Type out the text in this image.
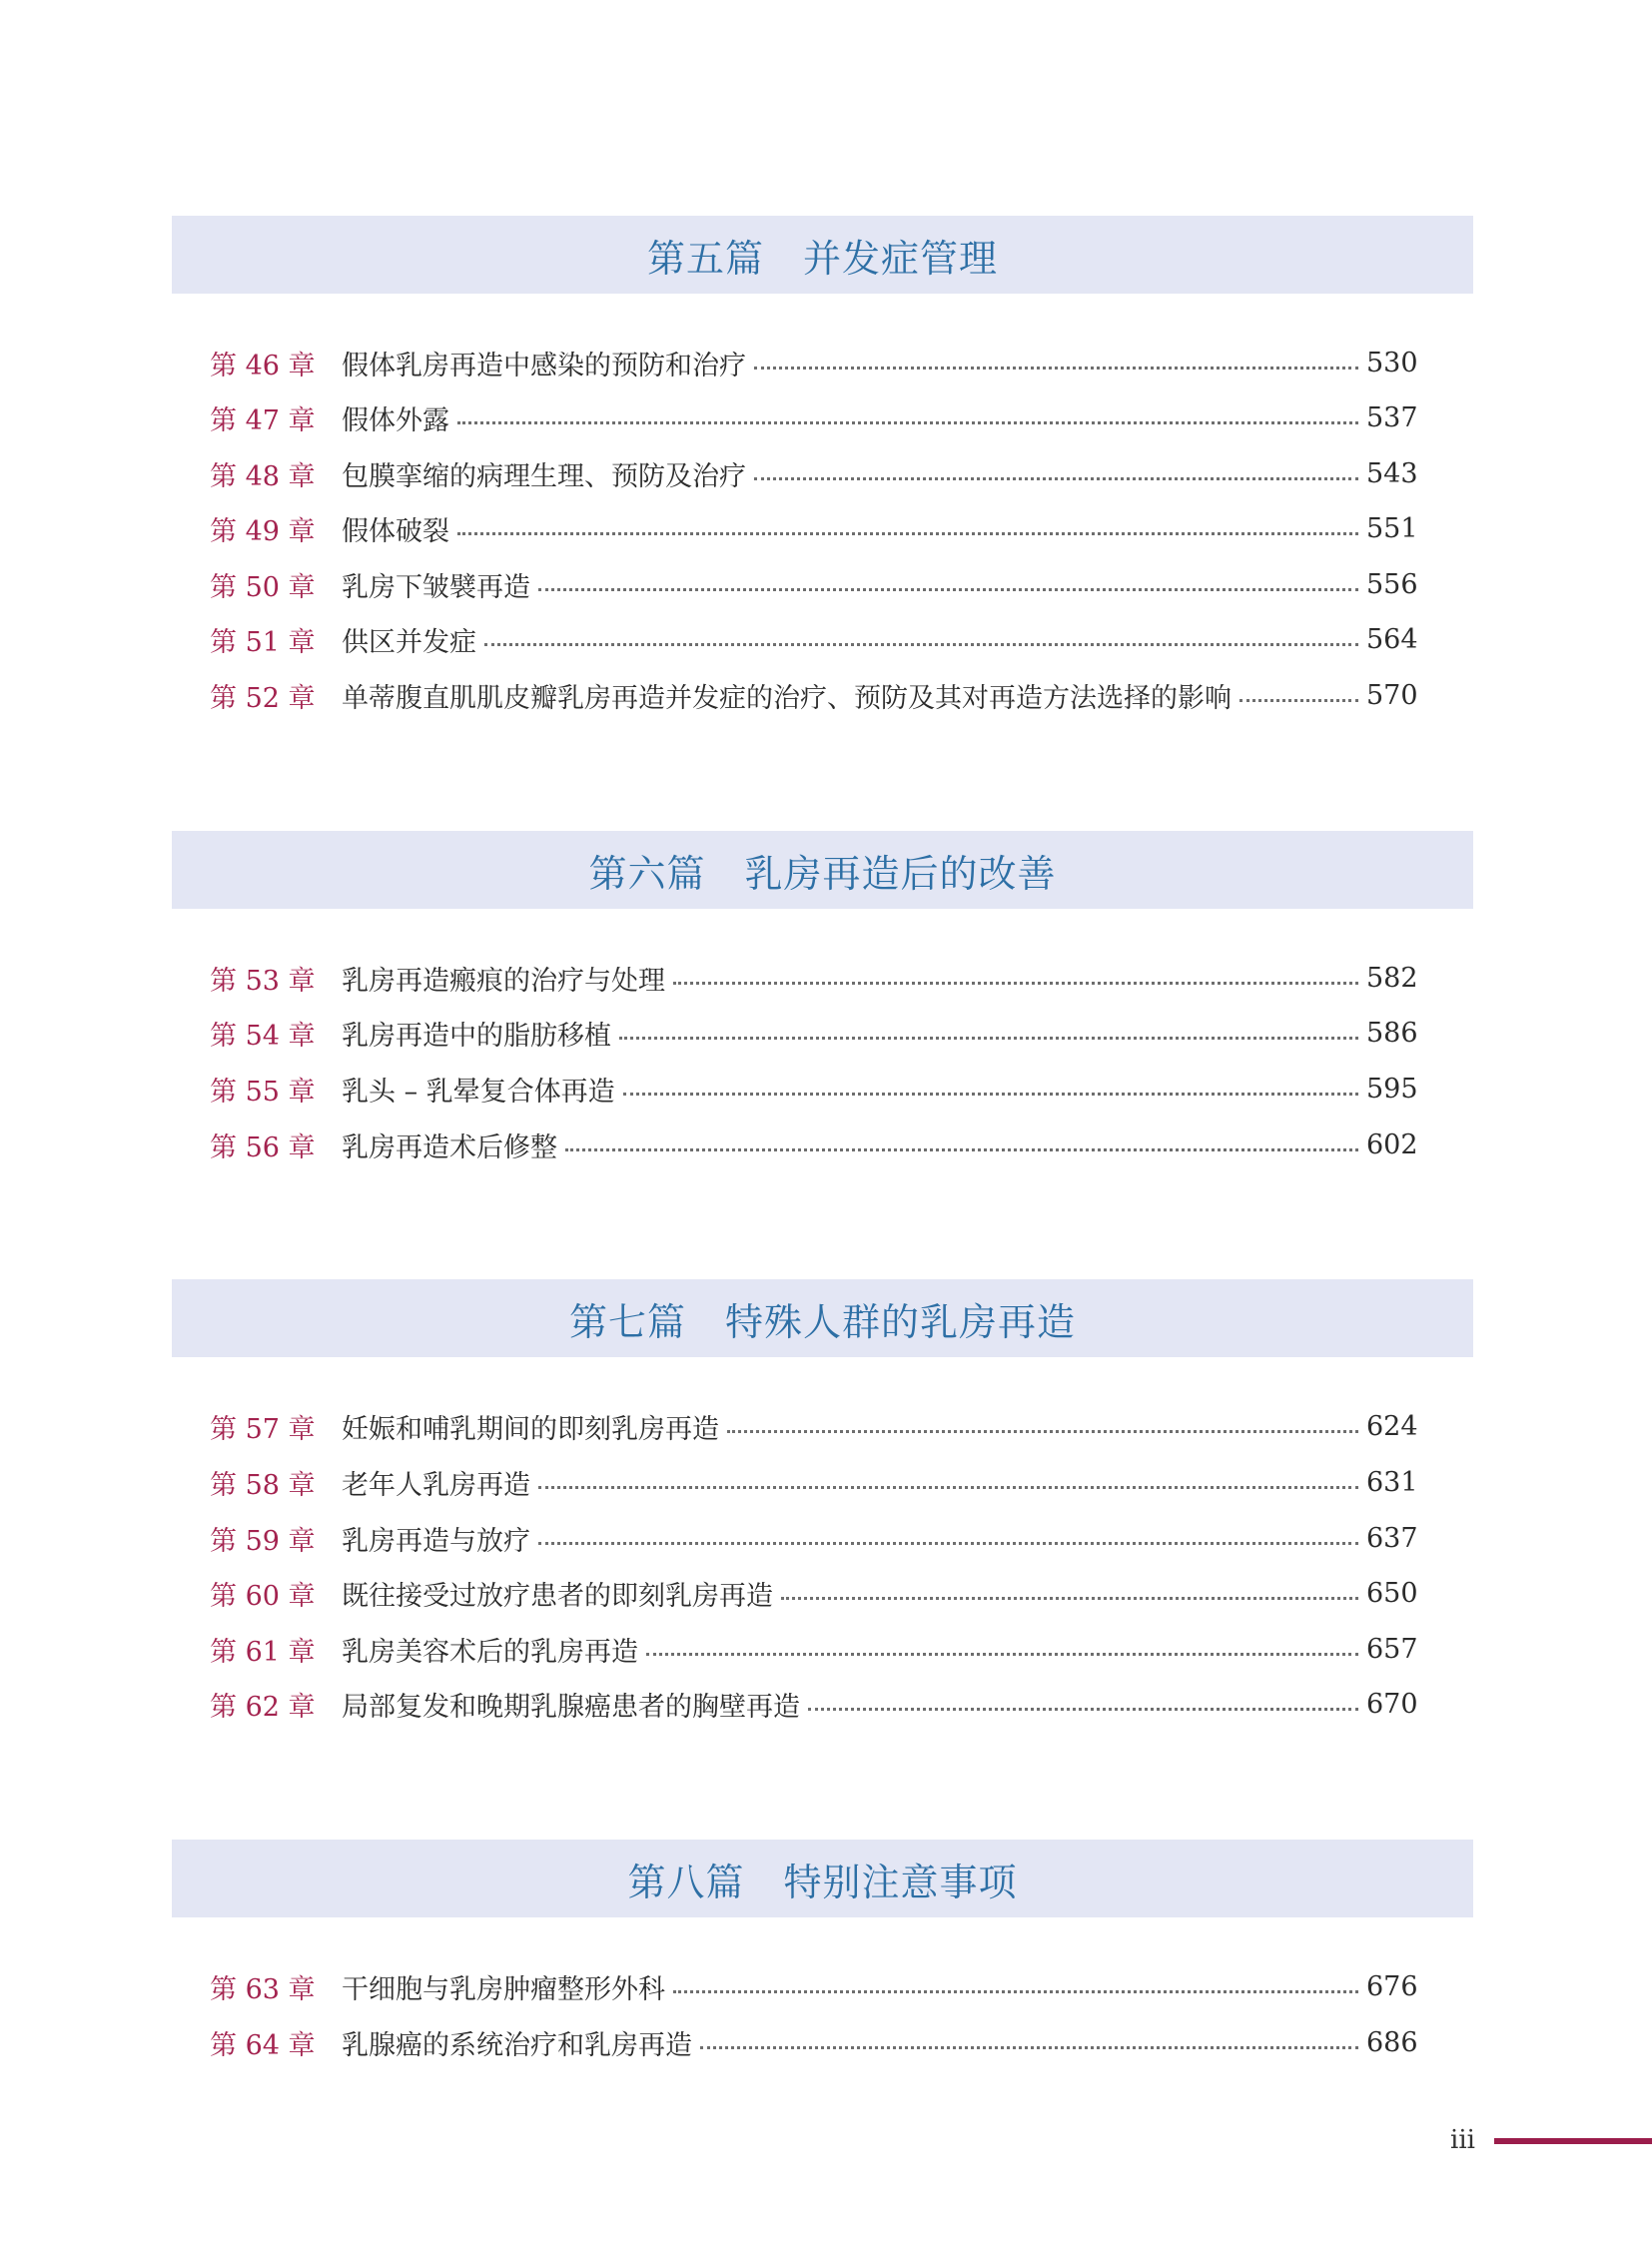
第五篇　并发症管理
第 46 章 假体乳房再造中感染的预防和治疗	530
第 47 章 假体外露	537
第 48 章 包膜挛缩的病理生理、预防及治疗	543
第 49 章 假体破裂	551
第 50 章 乳房下皱襞再造	556
第 51 章 供区并发症	564
第 52 章 单蒂腹直肌肌皮瓣乳房再造并发症的治疗、预防及其对再造方法选择的影响	570
第六篇　乳房再造后的改善
第 53 章 乳房再造瘢痕的治疗与处理	582
第 54 章 乳房再造中的脂肪移植	586
第 55 章 乳头 – 乳晕复合体再造	595
第 56 章 乳房再造术后修整	602
第七篇　特殊人群的乳房再造
第 57 章 妊娠和哺乳期间的即刻乳房再造	624
第 58 章 老年人乳房再造	631
第 59 章 乳房再造与放疗	637
第 60 章 既往接受过放疗患者的即刻乳房再造	650
第 61 章 乳房美容术后的乳房再造	657
第 62 章 局部复发和晚期乳腺癌患者的胸壁再造	670
第八篇　特别注意事项
第 63 章 干细胞与乳房肿瘤整形外科	676
第 64 章 乳腺癌的系统治疗和乳房再造	686
iii
